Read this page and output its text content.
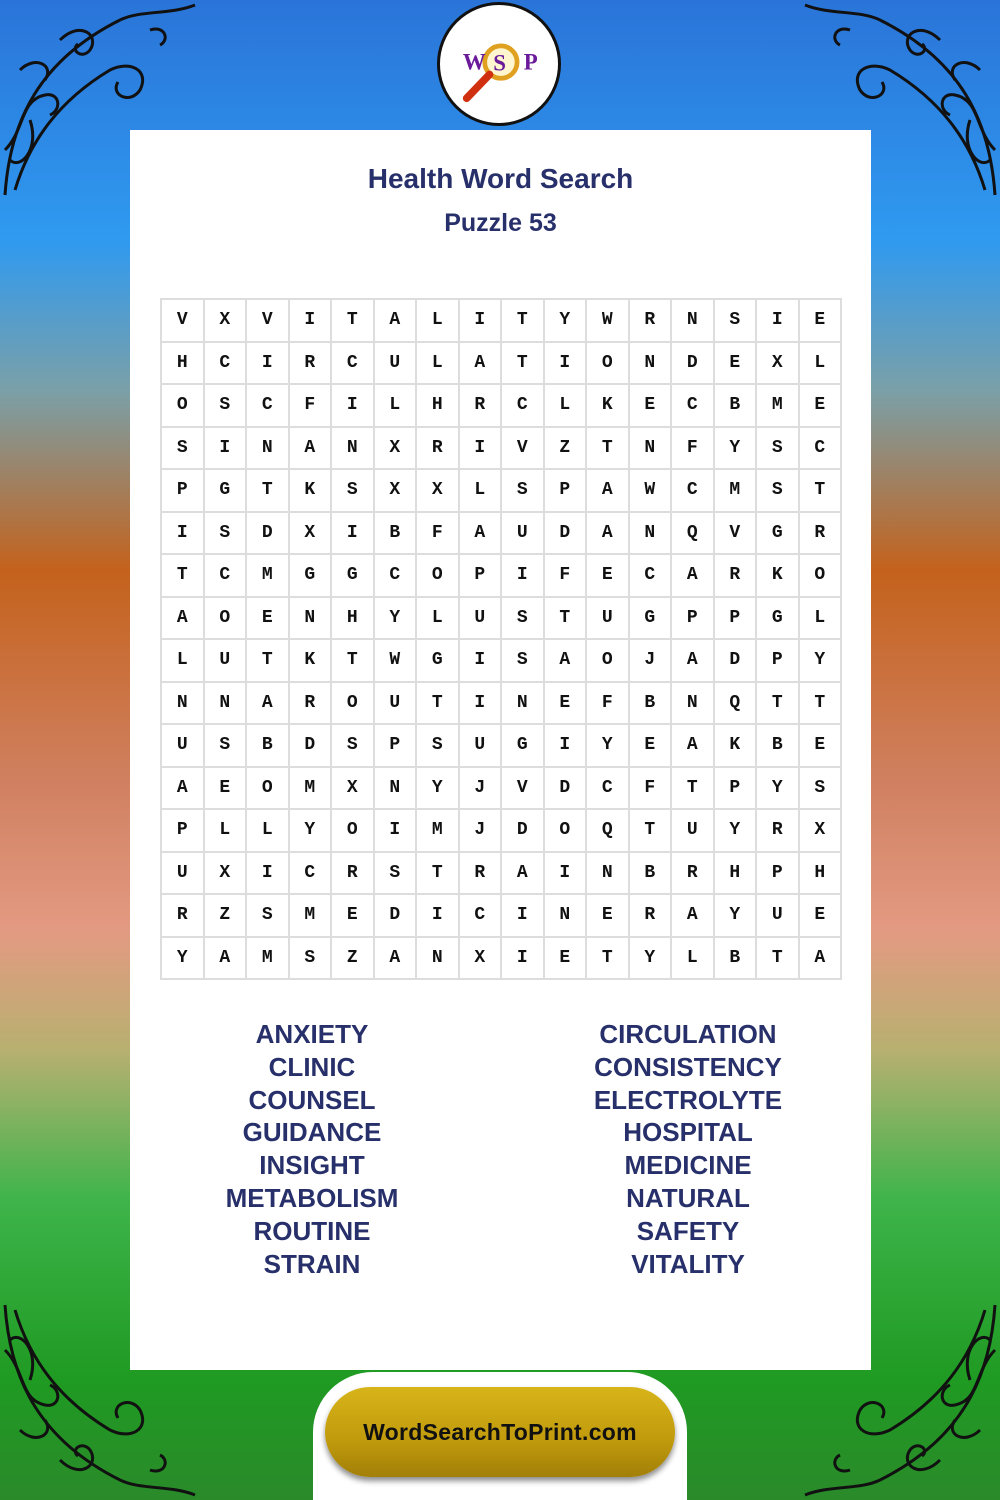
W S P
Health Word Search
Puzzle 53
V	X	V	I	T	A	L	I	T	Y	W	R	N	S	I	E
H	C	I	R	C	U	L	A	T	I	O	N	D	E	X	L
O	S	C	F	I	L	H	R	C	L	K	E	C	B	M	E
S	I	N	A	N	X	R	I	V	Z	T	N	F	Y	S	C
P	G	T	K	S	X	X	L	S	P	A	W	C	M	S	T
I	S	D	X	I	B	F	A	U	D	A	N	Q	V	G	R
T	C	M	G	G	C	O	P	I	F	E	C	A	R	K	O
A	O	E	N	H	Y	L	U	S	T	U	G	P	P	G	L
L	U	T	K	T	W	G	I	S	A	O	J	A	D	P	Y
N	N	A	R	O	U	T	I	N	E	F	B	N	Q	T	T
U	S	B	D	S	P	S	U	G	I	Y	E	A	K	B	E
A	E	O	M	X	N	Y	J	V	D	C	F	T	P	Y	S
P	L	L	Y	O	I	M	J	D	O	Q	T	U	Y	R	X
U	X	I	C	R	S	T	R	A	I	N	B	R	H	P	H
R	Z	S	M	E	D	I	C	I	N	E	R	A	Y	U	E
Y	A	M	S	Z	A	N	X	I	E	T	Y	L	B	T	A
ANXIETY
CLINIC
COUNSEL
GUIDANCE
INSIGHT
METABOLISM
ROUTINE
STRAIN
CIRCULATION
CONSISTENCY
ELECTROLYTE
HOSPITAL
MEDICINE
NATURAL
SAFETY
VITALITY
WordSearchToPrint.com
